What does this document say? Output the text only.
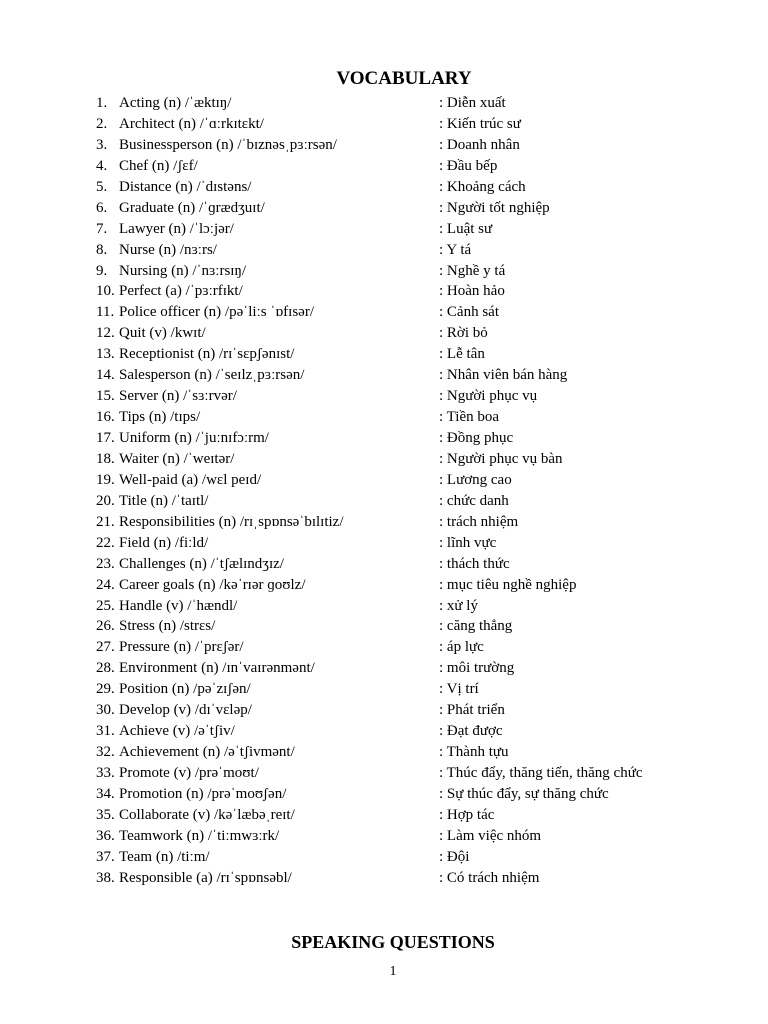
VOCABULARY
1. Acting (n) /ˈæktɪŋ/	: Diễn xuất
2. Architect (n) /ˈɑːrkɪtɛkt/	: Kiến trúc sư
3. Businessperson (n) /ˈbɪznəsˌpɜːrsən/	: Doanh nhân
4. Chef (n) /ʃɛf/	: Đầu bếp
5. Distance (n) /ˈdɪstəns/	: Khoảng cách
6. Graduate (n) /ˈɡrædʒuɪt/	: Người tốt nghiệp
7. Lawyer (n) /ˈlɔːjər/	: Luật sư
8. Nurse (n) /nɜːrs/	: Y tá
9. Nursing (n) /ˈnɜːrsɪŋ/	: Nghề y tá
10. Perfect (a) /ˈpɜːrfɪkt/	: Hoàn hảo
11. Police officer (n) /pəˈliːs ˈɒfɪsər/	: Cảnh sát
12. Quit (v) /kwɪt/	: Rời bỏ
13. Receptionist (n) /rɪˈsɛpʃənɪst/	: Lễ tân
14. Salesperson (n) /ˈseɪlzˌpɜːrsən/	: Nhân viên bán hàng
15. Server (n) /ˈsɜːrvər/	: Người phục vụ
16. Tips (n) /tɪps/	: Tiền boa
17. Uniform (n) /ˈjuːnɪfɔːrm/	: Đồng phục
18. Waiter (n) /ˈweɪtər/	: Người phục vụ bàn
19. Well-paid (a) /wɛl peɪd/	: Lương cao
20. Title (n) /ˈtaɪtl/	: chức danh
21. Responsibilities (n) /rɪˌspɒnsəˈbɪlɪtiz/	: trách nhiệm
22. Field (n) /fiːld/	: lĩnh vực
23. Challenges (n) /ˈtʃælɪndʒɪz/	: thách thức
24. Career goals (n) /kəˈrɪər ɡoʊlz/	: mục tiêu nghề nghiệp
25. Handle (v) /ˈhændl/	: xử lý
26. Stress (n) /strɛs/	: căng thẳng
27. Pressure (n) /ˈprɛʃər/	: áp lực
28. Environment (n) /ɪnˈvaɪrənmənt/	: môi trường
29. Position (n) /pəˈzɪʃən/	: Vị trí
30. Develop (v) /dɪˈvɛləp/	: Phát triển
31. Achieve (v) /əˈtʃiv/	: Đạt được
32. Achievement (n) /əˈtʃivmənt/	: Thành tựu
33. Promote (v) /prəˈmoʊt/	: Thúc đẩy, thăng tiến, thăng chức
34. Promotion (n) /prəˈmoʊʃən/	: Sự thúc đẩy, sự thăng chức
35. Collaborate (v) /kəˈlæbəˌreɪt/	: Hợp tác
36. Teamwork (n) /ˈtiːmwɜːrk/	: Làm việc nhóm
37. Team (n) /tiːm/	: Đội
38. Responsible (a) /rɪˈspɒnsəbl/	: Có trách nhiệm
SPEAKING QUESTIONS
1
